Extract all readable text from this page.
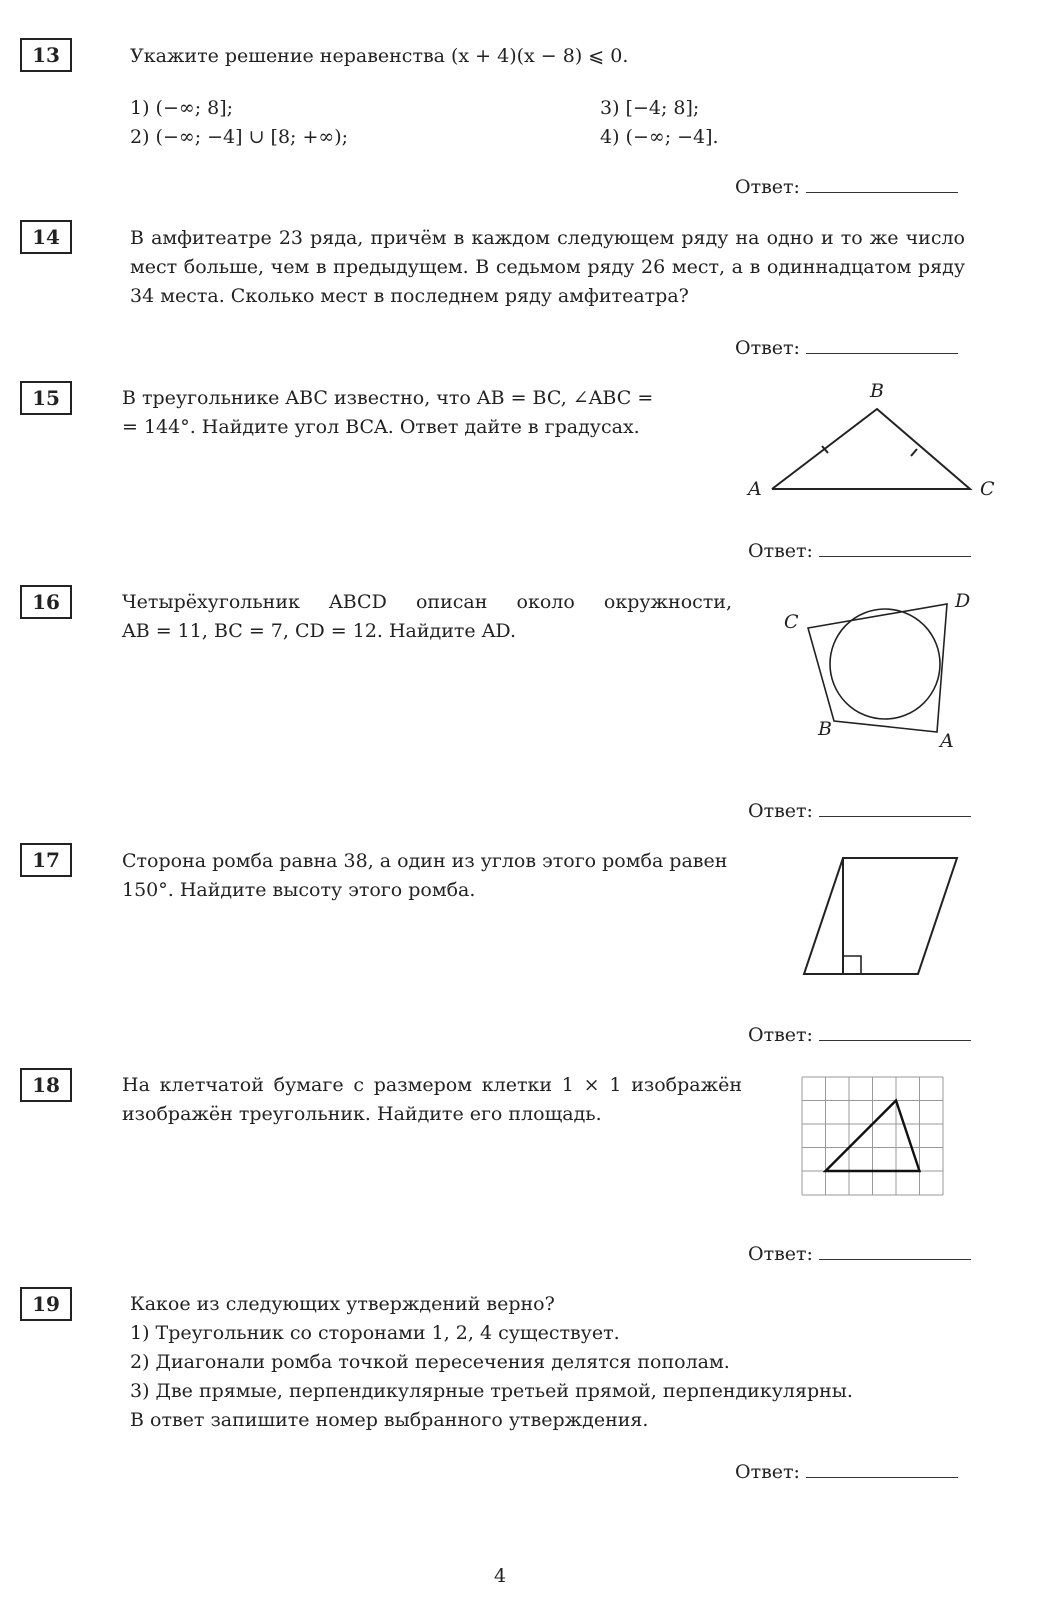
13	Укажите решение неравенства (x + 4)(x − 8) ⩽ 0.
1) (−∞; 8];
2) (−∞; −4] ∪ [8; +∞);
3) [−4; 8];
4) (−∞; −4].
Ответ:
14	В амфитеатре 23 ряда, причём в каждом следующем ряду на одно и то же число мест больше, чем в предыдущем. В седьмом ряду 26 мест, а в одиннадцатом ряду 34 места. Сколько мест в последнем ряду амфитеатра?
Ответ:
15	В треугольнике ABC известно, что AB = BC, ∠ABC =
= 144°. Найдите угол BCA. Ответ дайте в градусах.
A
B
C
Ответ:
16	Четырёхугольник ABCD описан около окружности,
AB = 11, BC = 7, CD = 12. Найдите AD.	C
D
B
A
Ответ:
17	Сторона ромба равна 38, а один из углов этого ромба равен
150°. Найдите высоту этого ромба.
Ответ:
18	На клетчатой бумаге с размером клетки 1 × 1 изображён
изображён треугольник. Найдите его площадь.
Ответ:
19	Какое из следующих утверждений верно?
1) Треугольник со сторонами 1, 2, 4 существует.
2) Диагонали ромба точкой пересечения делятся пополам.
3) Две прямые, перпендикулярные третьей прямой, перпендикулярны.
В ответ запишите номер выбранного утверждения.
Ответ:
4
